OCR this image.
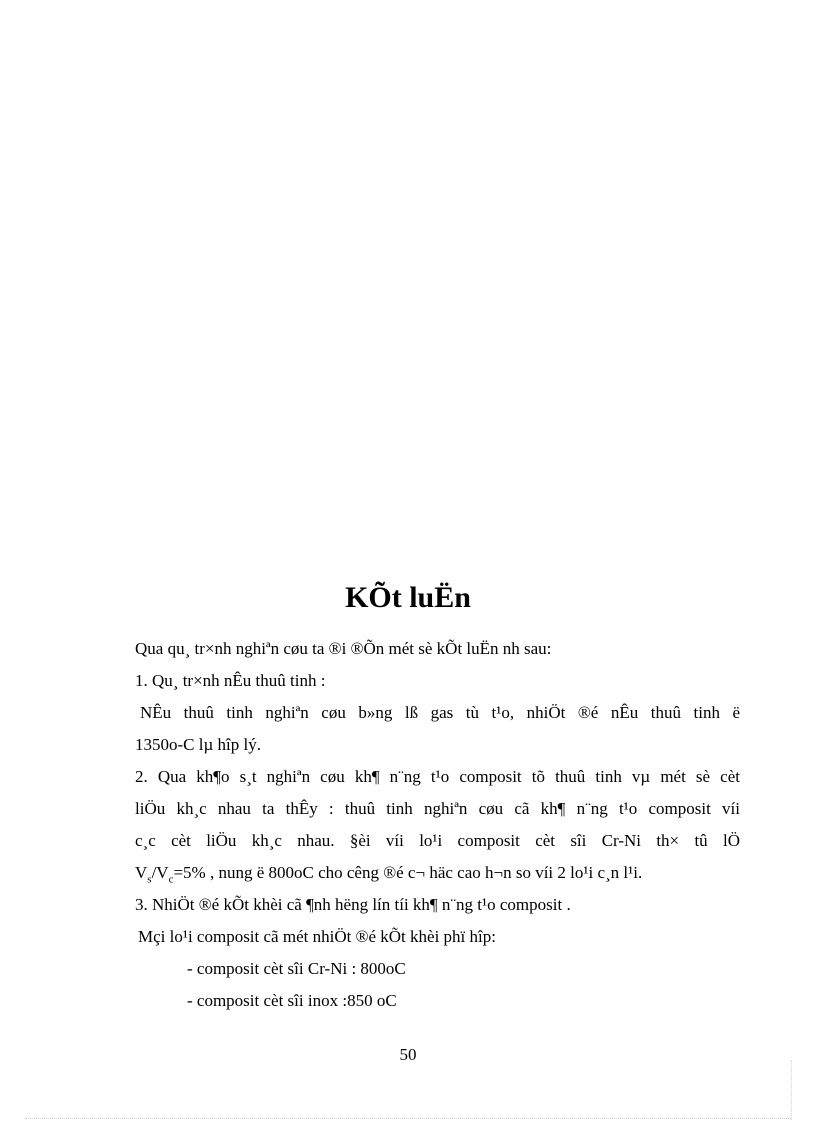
KÕt luËn

Qua qu¸ tr×nh nghiªn cøu ta ®i ®Õn mét sè kÕt luËn nh sau:

1. Qu¸ tr×nh nÊu thuû tinh :

NÊu thuû tinh nghiªn cøu b»ng lß gas tù t¹o, nhiÖt ®é nÊu thuû tinh ë

1350o-C lµ hîp lý.

2. Qua kh¶o s¸t nghiªn cøu kh¶ n¨ng t¹o composit tõ thuû tinh vµ mét sè cèt

liÖu kh¸c nhau ta thÊy : thuû tinh nghiªn cøu cã kh¶ n¨ng t¹o composit víi

c¸c cèt liÖu kh¸c nhau. §èi víi lo¹i composit cèt sîi Cr-Ni th× tû lÖ

$V_s/V_c=5\%$ , nung ë 800oC cho cêng ®é c¬ häc cao h¬n so víi 2 lo¹i c¸n l¹i.

3. NhiÖt ®é kÕt khèi cã ¶nh hëng lín tíi kh¶ n¨ng t¹o composit .

Mçi lo¹i composit cã mét nhiÖt ®é kÕt khèi phï hîp:

- composit cèt sîi Cr-Ni : 800oC

- composit cèt sîi inox :850 oC

50
